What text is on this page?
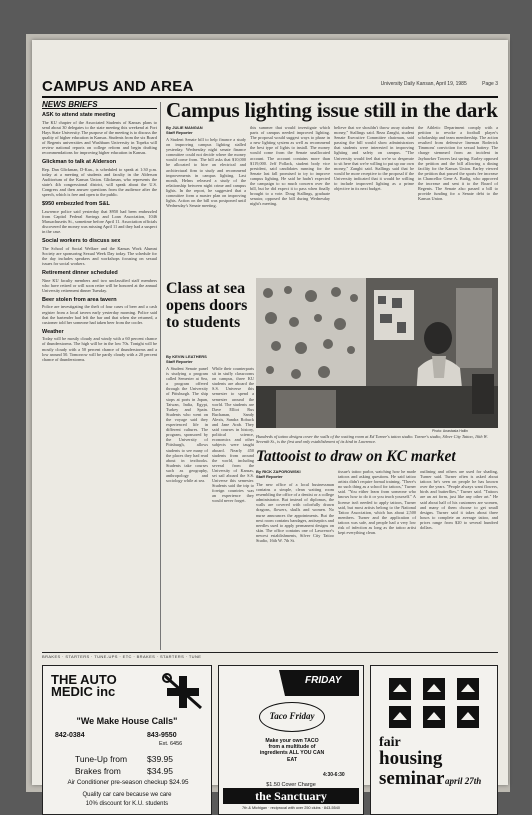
CAMPUS AND AREA	University Daily Kansan, April 19, 1985	Page 3
NEWS BRIEFS
ASK to attend state meeting

The KU chapter of the Associated Students of Kansas plans to send about 30 delegates to the state meeting this weekend at Fort Hays State University. The purpose of the meeting is to discuss the quality of higher education in Kansas. Students from the six Board of Regents universities and Washburn University in Topeka will review national reports on college reform and begin drafting recommendations for improving higher education in Kansas.

Glickman to talk at Alderson

Rep. Dan Glickman, D-Kan., is scheduled to speak at 1:30 p.m. today at a meeting of students and faculty in the Alderson Auditorium of the Kansas Union. Glickman, who represents the state's 4th congressional district, will speak about the U.S. Congress and then answer questions from the audience after the speech, which is free and open to the public.

$950 embezzled from S&L

Lawrence police said yesterday that $950 had been embezzled from Capitol Federal Savings and Loan Association, 1046 Massachusetts St., sometime before April 11. Association officials discovered the money was missing April 11 and they had a suspect in the case.

Social workers to discuss sex

The School of Social Welfare and the Kansas Work Alumni Society are sponsoring Sexual Week Day today. The schedule for the day includes speakers and workshops focusing on sexual issues for social workers.

Retirement dinner scheduled

Nine KU faculty members and two unclassified staff members who have retired or will soon retire will be honored at the annual University retirement dinner Tuesday.

Beer stolen from area tavern

Police are investigating the theft of four cases of beer and a cash register from a local tavern early yesterday morning. Police said that the bartender had left the bar and that when she returned, a customer told her someone had taken beer from the cooler.

Weather

Today will be mostly cloudy and windy with a 60 percent chance of thunderstorms. The high will be in the low 70s. Tonight will be mostly cloudy with a 50 percent chance of thunderstorms and a low around 50. Tomorrow will be partly cloudy with a 20 percent chance of thunderstorms.

Campus lighting issue still in the dark
By JULIE MANGAN
Staff Reporter
A Student Senate bill to help finance a study on improving campus lighting stalled yesterday. Wednesday night senate finance committee could not decide where the money would come from. The bill asks that $10,000 be allocated to hire an electrical and architectural firm to study and recommend improvements in campus lighting. Last month, Helms released a study of the relationship between night crime and campus lights. In the report, he suggested that a committee form a master plan on improving lights. Action on the bill was postponed until Wednesday's Senate meeting.
this summer that would investigate which parts of campus needed improved lighting. The proposal would suggest ways to phase in a new lighting system as well as recommend the best type of lights to install. The money would come from the Senate unallocated account. The account contains more than $119,000. Jeff Pollack, student body vice president, said candidates running for the Senate last fall promised to try to improve campus lighting. He said he hadn't expected the campaign to so much concern over the bill, but he did expect it to pass when finally brought to a vote. Doug Stallings, graduate senator, opposed the bill during Wednesday night's meeting.
believe that we shouldn't throw away student money," Stallings said. Reza Zanghi, student Senate Executive Committee chairman, said passing the bill would show administrators that students were interested in improving lighting and safety on campus. "The University would feel that we're so desperate to sit here that we're willing to put up our own money," Zanghi said. Stallings said that he would be more receptive to the proposal if the University indicated that it would be willing to include improved lighting as a prime objective in its next budget.
the Athletic Department comply with a petition to revoke a football player's scholarship and team membership. The action resulted from defensive lineman Roderick Timmons' conviction for sexual battery. The charge stemmed from an incident in Jayhawker Towers last spring. Earley opposed the petition and the bill allowing a dining facility for the Kansas Union. Earley viewed the petition that passed the sports fee increase in Chancellor Gene A. Budig, who approved the increase and sent it to the Board of Regents. The Senate also passed a bill to provide funding for a Senate debt to the Kansas Union.
Class at sea opens doors to students
By KEVIN LEATHERS
Staff Reporter
A Student Senate panel is studying a program called Semester at Sea, a program offered through the University of Pittsburgh. The ship stops at ports in Japan, Taiwan, India, Egypt, Turkey and Spain. Students who went on the voyage said they experienced life in different cultures. The program, sponsored by the University of Pittsburgh, allows students to see many of the places they had read about in textbooks. Students take courses such as geography, anthropology and sociology while at sea.
While their counterparts sit in stuffy classrooms on campus, three KU students are aboard the S.S. Universe this semester to spend a semester around the world. The students are Dave Elliot Rus Buchanan, Sandy Alexis, Sandra Robuck and Jane Arab. They said courses in history, political science, economics and other subjects were taught aboard. Nearly 450 students from around the world, including several from the University of Kansas, set sail aboard the S.S. Universe this semester. Students said the trip to foreign countries was an experience they would never forget.
Photo: Anastasia Hallin
Hundreds of tattoo designs cover the walls of the waiting room at Ed Turner's tattoo studio. Turner's studio, Silver City Tattoo, 16th W. Seventh St., is the first and only establishment of its kind in Lawrence.
Tattooist to draw on KC market
By RICK ZAPOROWSKI
Staff Reporter
The new office of a local businessman contains a simple, clean waiting room resembling the office of a dentist or a college administrator. But instead of diplomas, the walls are covered with colorfully drawn dragons, flowers, skulls and women. No nurse announces the appointments. But the next room contains bandages, antiseptics and needles used to apply permanent designs on skin. The office contains one of Lawrence's newest establishments, Silver City Tattoo Studio, 16th W. 7th St.
tissue's tattoo parlor, watching how he made tattoos and asking questions. He said tattoo artists didn't require formal training. "There's no such thing as a school for tattoos," Turner said. "You either learn from someone who knows how to do it or you teach yourself." A license isn't needed to apply tattoos, Turner said, but most artists belong to the National Tattoo Association, which has about 2,500 members. Turner and the application of tattoos was safe, and people had a very low risk of infection as long as the tattoo artist kept everything clean.
outlining and others are used for shading, Turner said. Turner often is asked about tattoos he's seen on people he has known over the years. "People always want flowers, birds and butterflies," Turner said. "Tattoos are an art form, just like any other art." He said about half of his customers are women, and many of them choose to get small designs. Turner said it takes about three hours to complete an average tattoo, and prices range from $20 to several hundred dollars.
BRAKES · STARTERS · TUNE-UPS · ETC · BRAKES · STARTERS · TUNE
THE AUTO MEDIC inc
"We Make House Calls"
842-0384	843-9550
Ext. 6456
Tune-Up from $39.95
Brakes from	$34.95
Air Conditioner pre-season checkup $24.95
Quality car care because we care
10% discount for K.U. students
FRIDAY
Taco Friday
Make your own TACO from a multitude of ingredients ALL YOU CAN EAT
4:30-6:30
$1.50 Cover Charge
the Sanctuary
7th & Michigan · reciprocal with over 250 clubs · 843-5540
fair
housing
seminar april 27th
